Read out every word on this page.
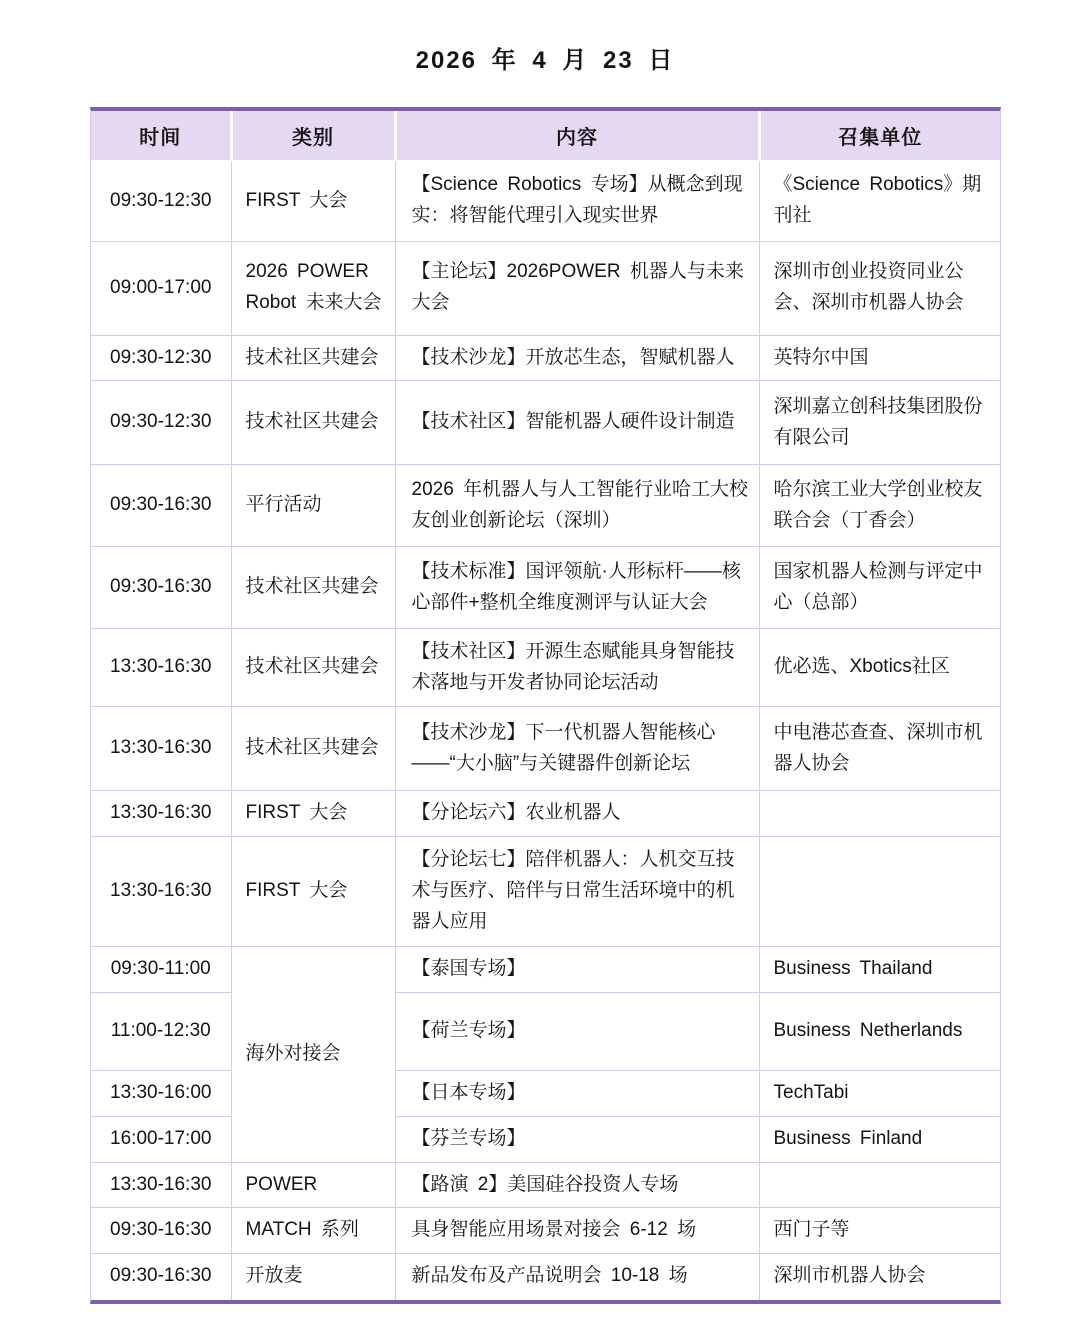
2026 年 4 月 23 日
时间	类别	内容	召集单位
09:30-12:30	FIRST 大会	【Science Robotics 专场】从概念到现实：将智能代理引入现实世界	《Science Robotics》期刊社
09:00-17:00	2026 POWER Robot 未来大会	【主论坛】2026POWER 机器人与未来大会	深圳市创业投资同业公会、深圳市机器人协会
09:30-12:30	技术社区共建会	【技术沙龙】开放芯生态，智赋机器人	英特尔中国
09:30-12:30	技术社区共建会	【技术社区】智能机器人硬件设计制造	深圳嘉立创科技集团股份有限公司
09:30-16:30	平行活动	2026 年机器人与人工智能行业哈工大校友创业创新论坛（深圳）	哈尔滨工业大学创业校友联合会（丁香会）
09:30-16:30	技术社区共建会	【技术标准】国评领航·人形标杆——核心部件+整机全维度测评与认证大会	国家机器人检测与评定中心（总部）
13:30-16:30	技术社区共建会	【技术社区】开源生态赋能具身智能技术落地与开发者协同论坛活动	优必选、Xbotics社区
13:30-16:30	技术社区共建会	【技术沙龙】下一代机器人智能核心——“大小脑”与关键器件创新论坛	中电港芯查查、深圳市机器人协会
13:30-16:30	FIRST 大会	【分论坛六】农业机器人	
13:30-16:30	FIRST 大会	【分论坛七】陪伴机器人：人机交互技术与医疗、陪伴与日常生活环境中的机器人应用	
09:30-11:00	海外对接会	【泰国专场】	Business Thailand
11:00-12:30		【荷兰专场】	Business Netherlands
13:30-16:00		【日本专场】	TechTabi
16:00-17:00		【芬兰专场】	Business Finland
13:30-16:30	POWER	【路演 2】美国硅谷投资人专场	
09:30-16:30	MATCH 系列	具身智能应用场景对接会 6-12 场	西门子等
09:30-16:30	开放麦	新品发布及产品说明会 10-18 场	深圳市机器人协会
